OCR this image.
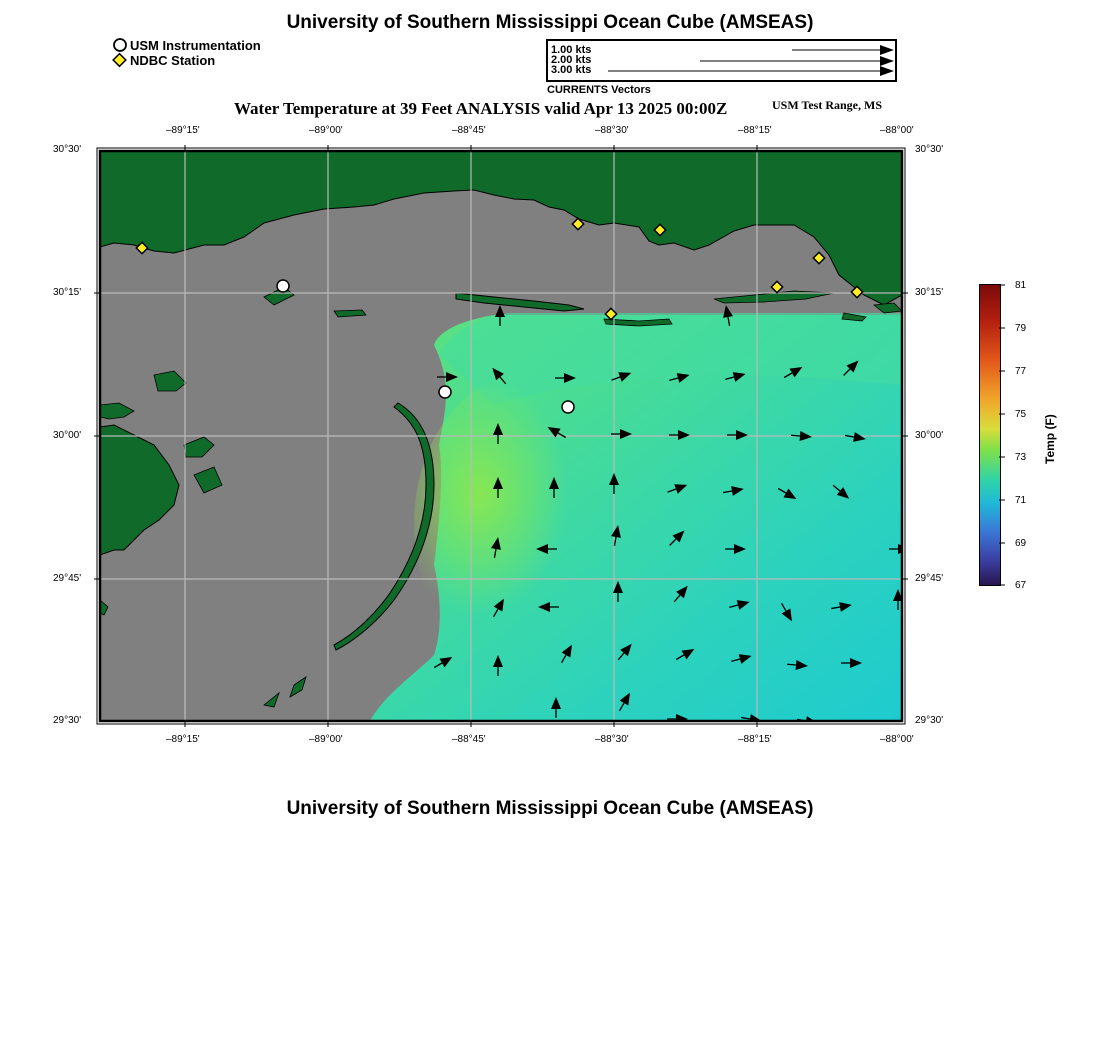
University of Southern Mississippi Ocean Cube (AMSEAS)
USM Instrumentation
NDBC Station
1.00 kts
2.00 kts
3.00 kts
CURRENTS Vectors
Water Temperature at 39 Feet ANALYSIS valid Apr 13 2025 00:00Z	USM Test Range, MS
–89°15'	–89°00'	–88°45'	–88°30'	–88°15'	–88°00'
–89°15'	–89°00'	–88°45'	–88°30'	–88°15'	–88°00'
30°30'
30°15'
30°00'
29°45'
29°30'
30°30'
30°15'
30°00'
29°45'
29°30'
81
79
77
75
73
71
69
67
Temp (F)
University of Southern Mississippi Ocean Cube (AMSEAS)
